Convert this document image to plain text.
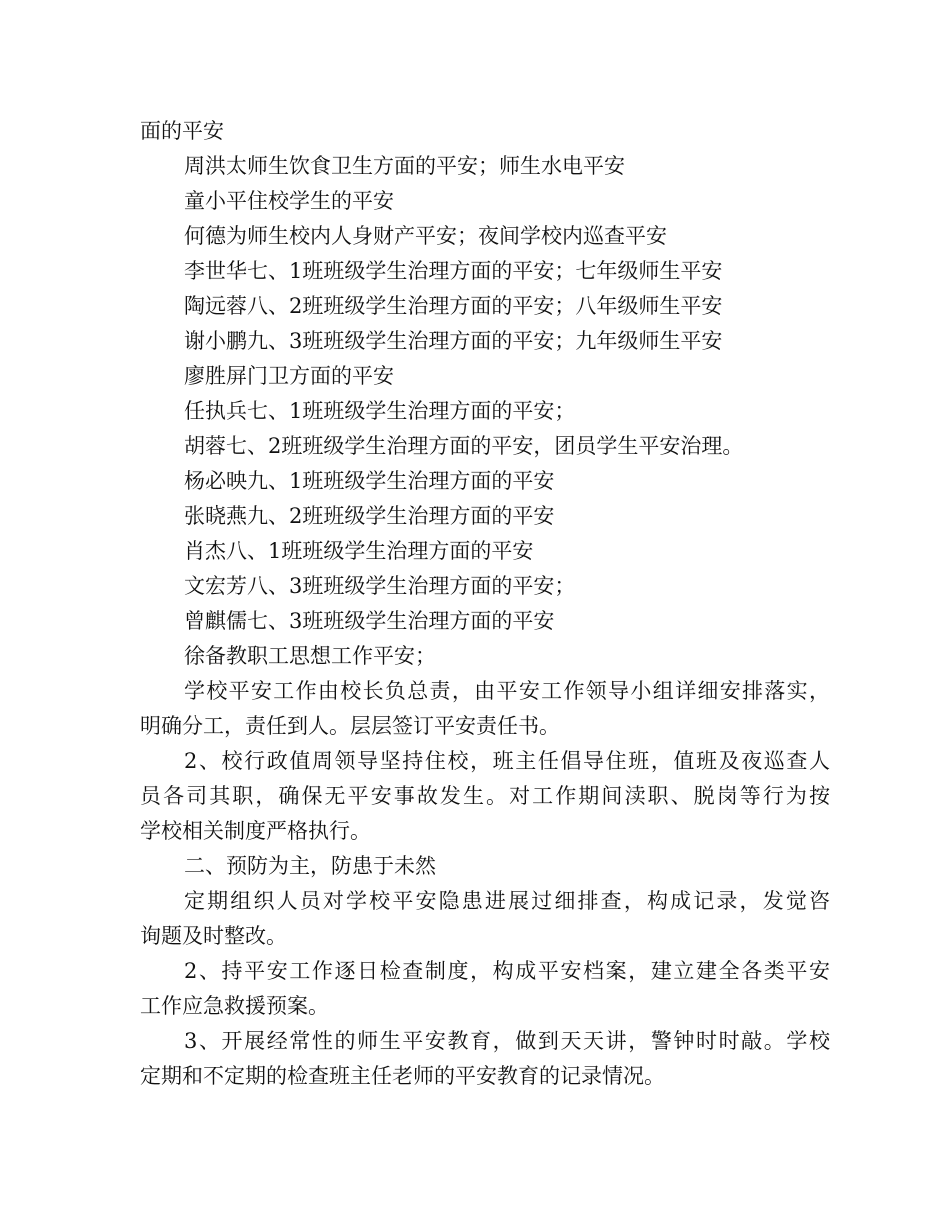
面的平安
周洪太师生饮食卫生方面的平安；师生水电平安
童小平住校学生的平安
何德为师生校内人身财产平安；夜间学校内巡查平安
李世华七、1班班级学生治理方面的平安；七年级师生平安
陶远蓉八、2班班级学生治理方面的平安；八年级师生平安
谢小鹏九、3班班级学生治理方面的平安；九年级师生平安
廖胜屏门卫方面的平安
任执兵七、1班班级学生治理方面的平安；
胡蓉七、2班班级学生治理方面的平安，团员学生平安治理。
杨必映九、1班班级学生治理方面的平安
张晓燕九、2班班级学生治理方面的平安
肖杰八、1班班级学生治理方面的平安
文宏芳八、3班班级学生治理方面的平安；
曾麒儒七、3班班级学生治理方面的平安
徐备教职工思想工作平安；
学校平安工作由校长负总责，由平安工作领导小组详细安排落实，
明确分工，责任到人。层层签订平安责任书。
2、校行政值周领导坚持住校，班主任倡导住班，值班及夜巡查人
员各司其职，确保无平安事故发生。对工作期间渎职、脱岗等行为按
学校相关制度严格执行。
二、预防为主，防患于未然
定期组织人员对学校平安隐患进展过细排查，构成记录，发觉咨
询题及时整改。
2、持平安工作逐日检查制度，构成平安档案，建立建全各类平安
工作应急救援预案。
3、开展经常性的师生平安教育，做到天天讲，警钟时时敲。学校
定期和不定期的检查班主任老师的平安教育的记录情况。
